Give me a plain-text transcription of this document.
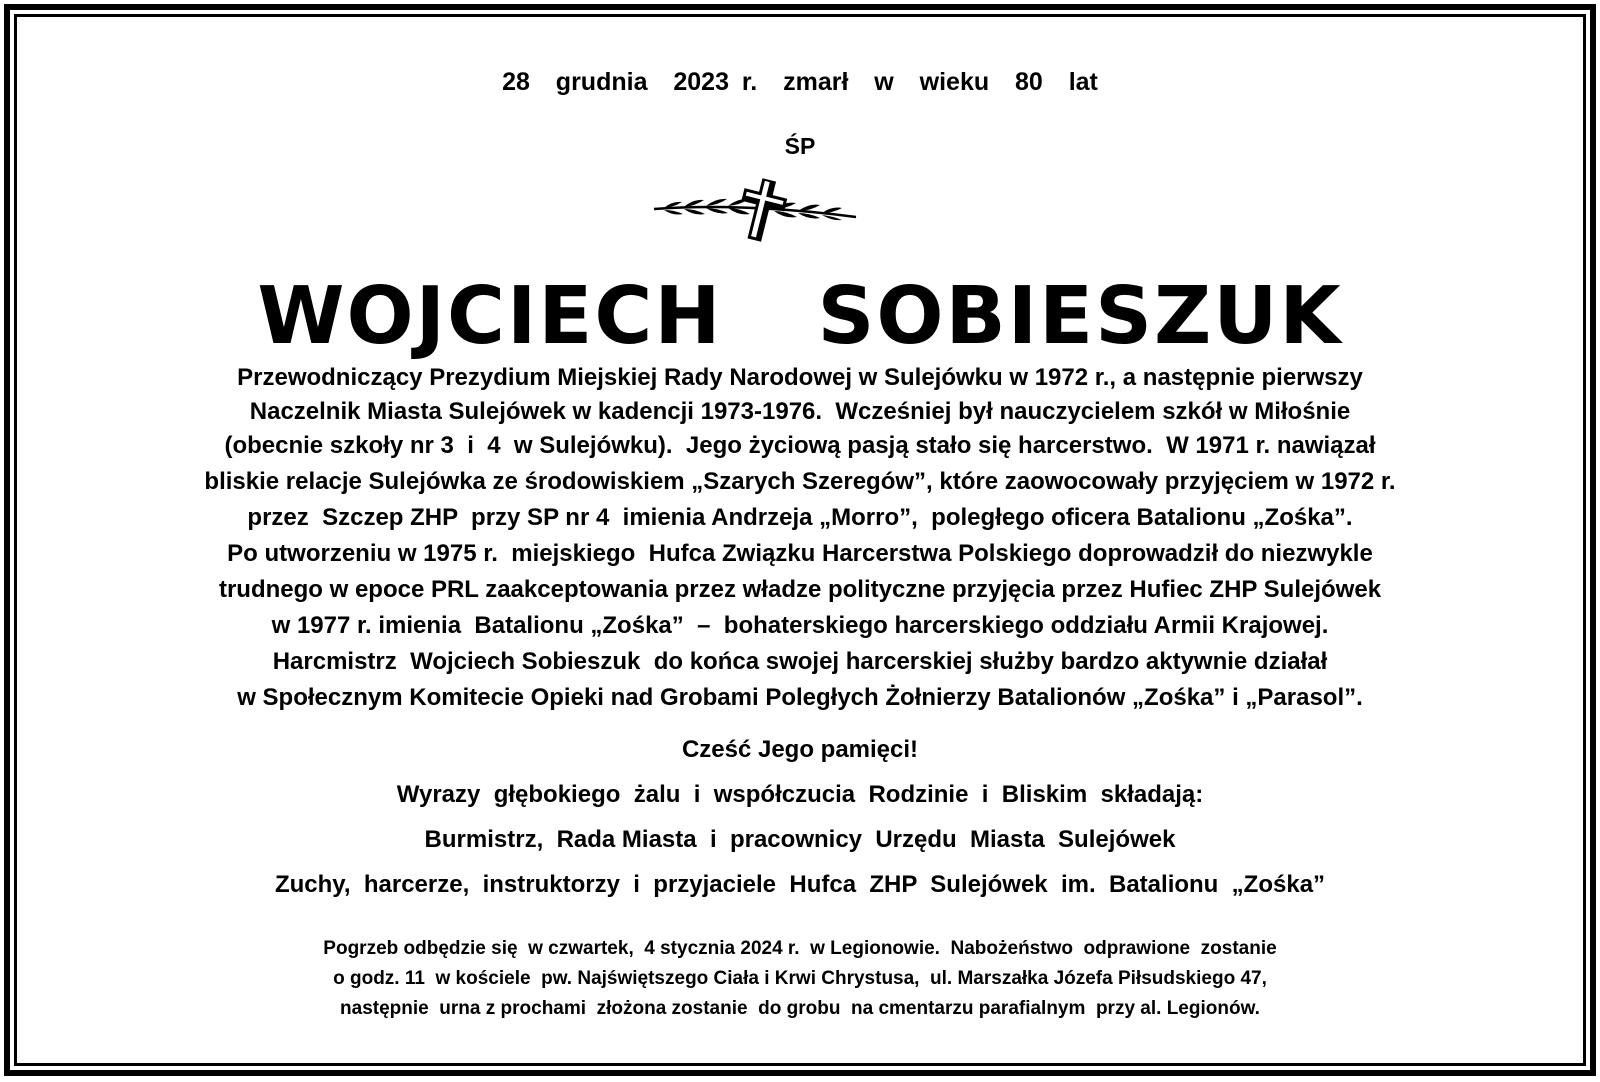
28  grudnia  2023 r.  zmarł  w  wieku  80  lat
ŚP
WOJCIECH  SOBIESZUK
Przewodniczący Prezydium Miejskiej Rady Narodowej w Sulejówku w 1972 r., a następnie pierwszy
Naczelnik Miasta Sulejówek w kadencji 1973-1976.  Wcześniej był nauczycielem szkół w Miłośnie
(obecnie szkoły nr 3  i  4  w Sulejówku).  Jego życiową pasją stało się harcerstwo.  W 1971 r. nawiązał
bliskie relacje Sulejówka ze środowiskiem „Szarych Szeregów”, które zaowocowały przyjęciem w 1972 r.
przez  Szczep ZHP  przy SP nr 4  imienia Andrzeja „Morro”,  poległego oficera Batalionu „Zośka”.
Po utworzeniu w 1975 r.  miejskiego  Hufca Związku Harcerstwa Polskiego doprowadził do niezwykle
trudnego w epoce PRL zaakceptowania przez władze polityczne przyjęcia przez Hufiec ZHP Sulejówek
w 1977 r. imienia  Batalionu „Zośka”  –  bohaterskiego harcerskiego oddziału Armii Krajowej.
Harcmistrz  Wojciech Sobieszuk  do końca swojej harcerskiej służby bardzo aktywnie działał
w Społecznym Komitecie Opieki nad Grobami Poległych Żołnierzy Batalionów „Zośka” i „Parasol”.
Cześć Jego pamięci!
Wyrazy  głębokiego  żalu  i  współczucia  Rodzinie  i  Bliskim  składają:
Burmistrz,  Rada Miasta  i  pracownicy  Urzędu  Miasta  Sulejówek
Zuchy,  harcerze,  instruktorzy  i  przyjaciele  Hufca  ZHP  Sulejówek  im.  Batalionu  „Zośka”
Pogrzeb odbędzie się  w czwartek,  4 stycznia 2024 r.  w Legionowie.  Nabożeństwo  odprawione  zostanie
o godz. 11  w kościele  pw. Najświętszego Ciała i Krwi Chrystusa,  ul. Marszałka Józefa Piłsudskiego 47,
następnie  urna z prochami  złożona zostanie  do grobu  na cmentarzu parafialnym  przy al. Legionów.
